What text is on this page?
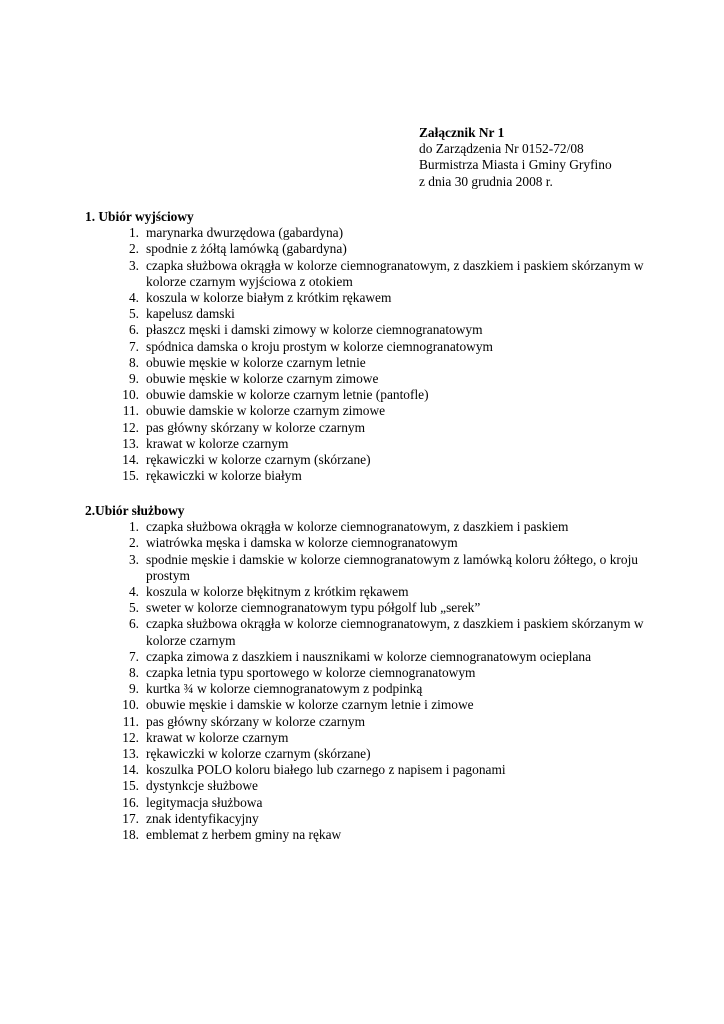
Załącznik Nr 1
do Zarządzenia Nr 0152-72/08
Burmistrza Miasta i Gminy Gryfino
z dnia 30 grudnia 2008 r.
1. Ubiór wyjściowy
1. marynarka dwurzędowa (gabardyna)
2. spodnie z żółtą lamówką (gabardyna)
3. czapka służbowa okrągła w kolorze ciemnogranatowym, z daszkiem i paskiem skórzanym w kolorze czarnym wyjściowa z otokiem
4. koszula w kolorze białym z krótkim rękawem
5. kapelusz damski
6. płaszcz męski i damski zimowy w kolorze ciemnogranatowym
7. spódnica damska o kroju prostym w kolorze ciemnogranatowym
8. obuwie męskie w kolorze czarnym letnie
9. obuwie męskie w kolorze czarnym zimowe
10. obuwie damskie w kolorze czarnym letnie (pantofle)
11. obuwie damskie w kolorze czarnym zimowe
12. pas główny skórzany w kolorze czarnym
13. krawat w kolorze czarnym
14. rękawiczki w kolorze czarnym (skórzane)
15. rękawiczki w kolorze białym
2.Ubiór służbowy
1. czapka służbowa okrągła w kolorze ciemnogranatowym, z daszkiem i paskiem
2. wiatrówka męska i damska w kolorze ciemnogranatowym
3. spodnie męskie i damskie w kolorze ciemnogranatowym z lamówką koloru żółtego, o kroju prostym
4. koszula w kolorze błękitnym z krótkim rękawem
5. sweter w kolorze ciemnogranatowym typu półgolf lub „serek”
6. czapka służbowa okrągła w kolorze ciemnogranatowym, z daszkiem i paskiem skórzanym w kolorze czarnym
7. czapka zimowa z daszkiem i nausznikami w kolorze ciemnogranatowym ocieplana
8. czapka letnia typu sportowego w kolorze ciemnogranatowym
9. kurtka ¾ w kolorze ciemnogranatowym z podpinką
10. obuwie męskie i damskie w kolorze czarnym letnie i zimowe
11. pas główny skórzany w kolorze czarnym
12. krawat w kolorze czarnym
13. rękawiczki w kolorze czarnym (skórzane)
14. koszulka POLO koloru białego lub czarnego z napisem i pagonami
15. dystynkcje służbowe
16. legitymacja służbowa
17. znak identyfikacyjny
18. emblemat z herbem gminy na rękaw
